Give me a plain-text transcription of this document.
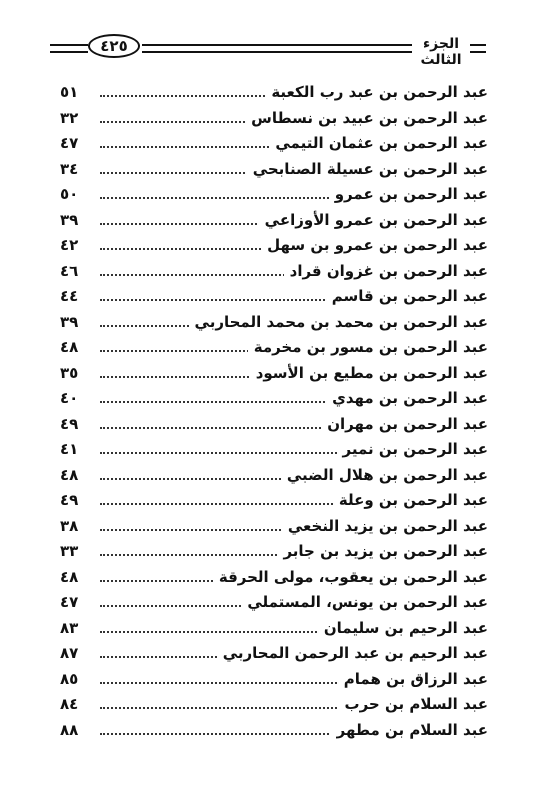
٤٢٥	الجزء الثالث
عبد الرحمن بن عبد رب الكعبة
٥١
عبد الرحمن بن عبيد بن نسطاس
٣٢
عبد الرحمن بن عثمان التيمي
٤٧
عبد الرحمن بن عسيلة الصنابحي
٣٤
عبد الرحمن بن عمرو
٥٠
عبد الرحمن بن عمرو الأوزاعي
٣٩
عبد الرحمن بن عمرو بن سهل
٤٢
عبد الرحمن بن غزوان قراد
٤٦
عبد الرحمن بن قاسم
٤٤
عبد الرحمن بن محمد بن محمد المحاربي
٣٩
عبد الرحمن بن مسور بن مخرمة
٤٨
عبد الرحمن بن مطيع بن الأسود
٣٥
عبد الرحمن بن مهدي
٤٠
عبد الرحمن بن مهران
٤٩
عبد الرحمن بن نمير
٤١
عبد الرحمن بن هلال الضبي
٤٨
عبد الرحمن بن وعلة
٤٩
عبد الرحمن بن يزيد النخعي
٣٨
عبد الرحمن بن يزيد بن جابر
٣٣
عبد الرحمن بن يعقوب، مولى الحرقة
٤٨
عبد الرحمن بن يونس، المستملي
٤٧
عبد الرحيم بن سليمان
٨٣
عبد الرحيم بن عبد الرحمن المحاربي
٨٧
عبد الرزاق بن همام
٨٥
عبد السلام بن حرب
٨٤
عبد السلام بن مطهر
٨٨
